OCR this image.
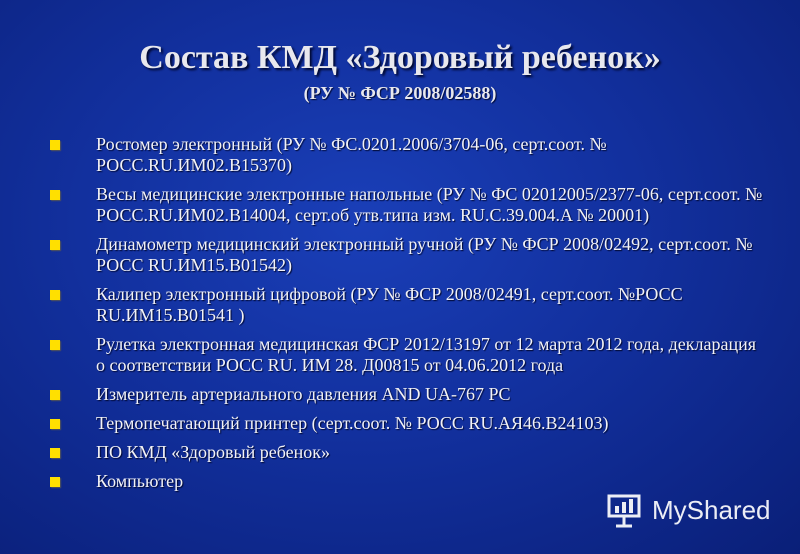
Состав КМД «Здоровый ребенок»
(РУ № ФСР 2008/02588)
Ростомер электронный (РУ № ФС.0201.2006/3704-06, серт.соот. № РОСС.RU.ИМ02.В15370)
Весы медицинские электронные напольные (РУ № ФС 02012005/2377-06, серт.соот. № РОСС.RU.ИМ02.В14004, серт.об утв.типа изм. RU.C.39.004.A № 20001)
Динамометр медицинский электронный ручной (РУ № ФСР 2008/02492, серт.соот. № РОСС RU.ИМ15.В01542)
Калипер электронный цифровой (РУ № ФСР 2008/02491, серт.соот. №РОСС RU.ИМ15.В01541 )
Рулетка электронная медицинская ФСР 2012/13197 от 12 марта 2012 года, декларация о соответствии РОСС RU. ИМ 28. Д00815 от 04.06.2012 года
Измеритель артериального давления AND UA-767 PC
Термопечатающий принтер (серт.соот. № РОСС RU.АЯ46.В24103)
ПО КМД «Здоровый ребенок»
Компьютер
MyShared
